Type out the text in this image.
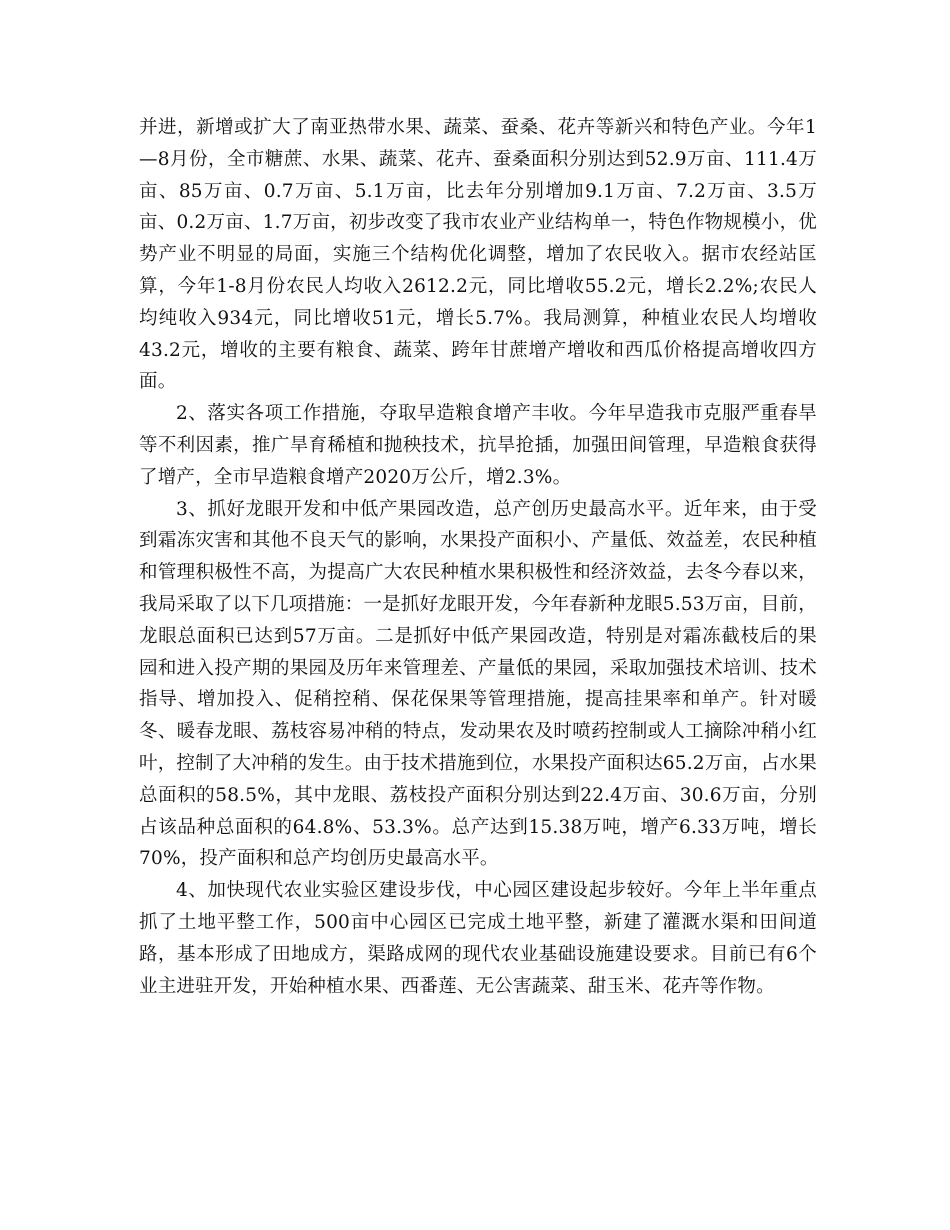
并进，新增或扩大了南亚热带水果、蔬菜、蚕桑、花卉等新兴和特色产业。今年1—8月份，全市糖蔗、水果、蔬菜、花卉、蚕桑面积分别达到52.9万亩、111.4万亩、85万亩、0.7万亩、5.1万亩，比去年分别增加9.1万亩、7.2万亩、3.5万亩、0.2万亩、1.7万亩，初步改变了我市农业产业结构单一，特色作物规模小，优势产业不明显的局面，实施三个结构优化调整，增加了农民收入。据市农经站匡算，今年1-8月份农民人均收入2612.2元，同比增收55.2元，增长2.2%;农民人均纯收入934元，同比增收51元，增长5.7%。我局测算，种植业农民人均增收43.2元，增收的主要有粮食、蔬菜、跨年甘蔗增产增收和西瓜价格提高增收四方面。

2、落实各项工作措施，夺取早造粮食增产丰收。今年早造我市克服严重春旱等不利因素，推广旱育稀植和抛秧技术，抗旱抢插，加强田间管理，早造粮食获得了增产，全市早造粮食增产2020万公斤，增2.3%。

3、抓好龙眼开发和中低产果园改造，总产创历史最高水平。近年来，由于受到霜冻灾害和其他不良天气的影响，水果投产面积小、产量低、效益差，农民种植和管理积极性不高，为提高广大农民种植水果积极性和经济效益，去冬今春以来，我局采取了以下几项措施：一是抓好龙眼开发，今年春新种龙眼5.53万亩，目前，龙眼总面积已达到57万亩。二是抓好中低产果园改造，特别是对霜冻截枝后的果园和进入投产期的果园及历年来管理差、产量低的果园，采取加强技术培训、技术指导、增加投入、促稍控稍、保花保果等管理措施，提高挂果率和单产。针对暖冬、暖春龙眼、荔枝容易冲稍的特点，发动果农及时喷药控制或人工摘除冲稍小红叶，控制了大冲稍的发生。由于技术措施到位，水果投产面积达65.2万亩，占水果总面积的58.5%，其中龙眼、荔枝投产面积分别达到22.4万亩、30.6万亩，分别占该品种总面积的64.8%、53.3%。总产达到15.38万吨，增产6.33万吨，增长70%，投产面积和总产均创历史最高水平。

4、加快现代农业实验区建设步伐，中心园区建设起步较好。今年上半年重点抓了土地平整工作，500亩中心园区已完成土地平整，新建了灌溉水渠和田间道路，基本形成了田地成方，渠路成网的现代农业基础设施建设要求。目前已有6个业主进驻开发，开始种植水果、西番莲、无公害蔬菜、甜玉米、花卉等作物。
